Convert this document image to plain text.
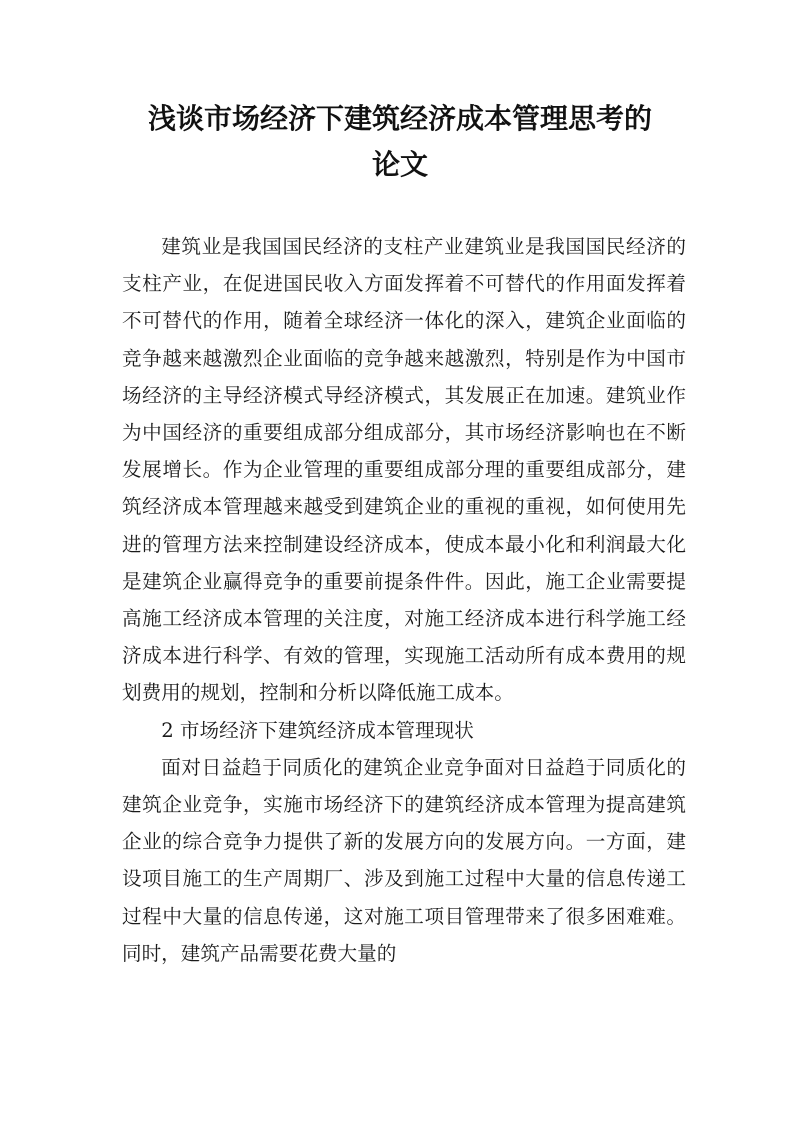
浅谈市场经济下建筑经济成本管理思考的
论文

建筑业是我国国民经济的支柱产业建筑业是我国国民经济的支柱产业，在促进国民收入方面发挥着不可替代的作用面发挥着不可替代的作用，随着全球经济一体化的深入，建筑企业面临的竞争越来越激烈企业面临的竞争越来越激烈，特别是作为中国市场经济的主导经济模式导经济模式，其发展正在加速。建筑业作为中国经济的重要组成部分组成部分，其市场经济影响也在不断发展增长。作为企业管理的重要组成部分理的重要组成部分，建筑经济成本管理越来越受到建筑企业的重视的重视，如何使用先进的管理方法来控制建设经济成本，使成本最小化和利润最大化是建筑企业赢得竞争的重要前提条件件。因此，施工企业需要提高施工经济成本管理的关注度，对施工经济成本进行科学施工经济成本进行科学、有效的管理，实现施工活动所有成本费用的规划费用的规划，控制和分析以降低施工成本。

2 市场经济下建筑经济成本管理现状

面对日益趋于同质化的建筑企业竞争面对日益趋于同质化的建筑企业竞争，实施市场经济下的建筑经济成本管理为提高建筑企业的综合竞争力提供了新的发展方向的发展方向。一方面，建设项目施工的生产周期厂、涉及到施工过程中大量的信息传递工过程中大量的信息传递，这对施工项目管理带来了很多困难难。同时，建筑产品需要花费大量的
